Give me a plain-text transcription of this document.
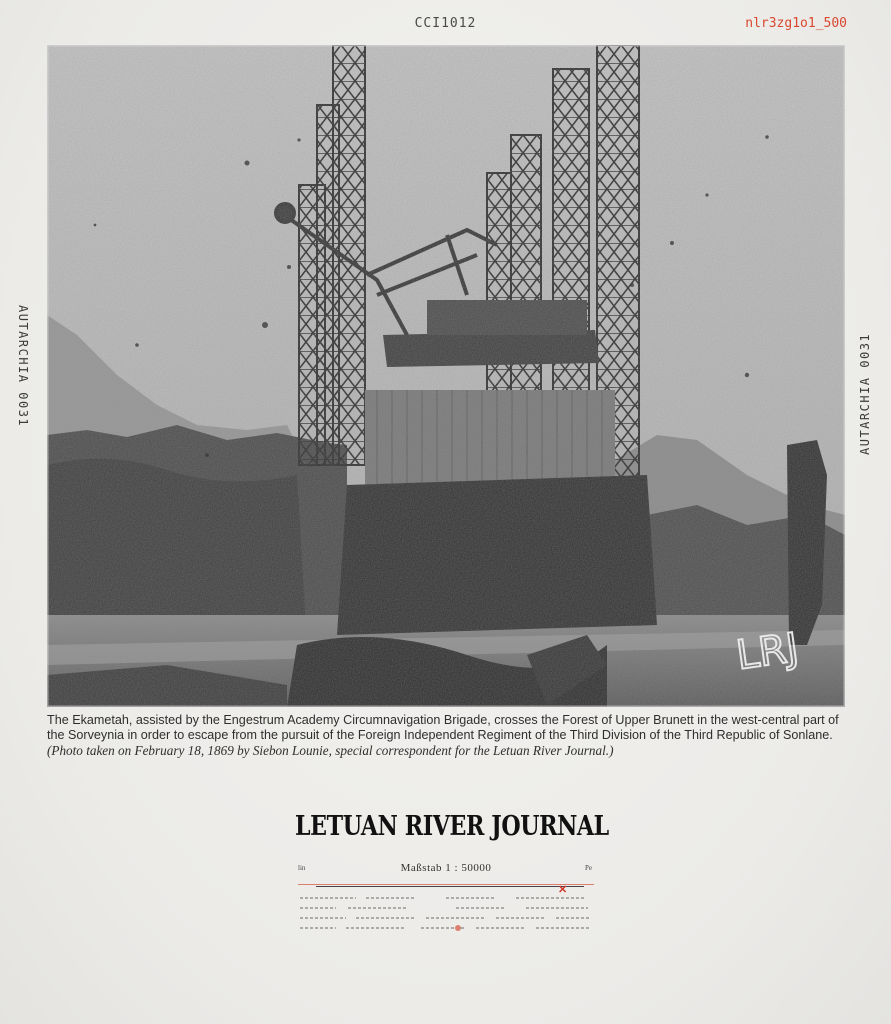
CCI1012	nlr3zg1o1_500
AUTARCHIA 0031	AUTARCHIA 0031
LRJ
The Ekametah, assisted by the Engestrum Academy Circumnavigation Brigade, crosses the Forest of Upper Brunett in the west-central part of the Sorveynia in order to escape from the pursuit of the Foreign Independent Regiment of the Third Division of the Third Republic of Sonlane. (Photo taken on February 18, 1869 by Siebon Lounie, special correspondent for the Letuan River Journal.)
LETUAN RIVER JOURNAL
lin	Pe
Maßstab 1 : 50000
✕
